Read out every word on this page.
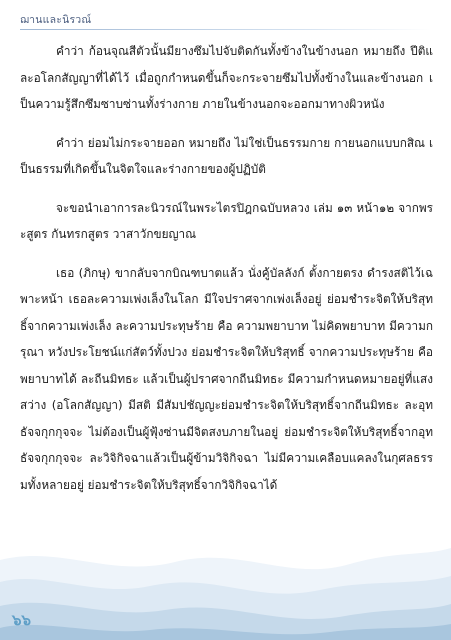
ฌานและนิรวณ์

คำว่า ก้อนจุณสีตัวนั้นมียางซึมไปจับติดกันทั้งข้างในข้างนอก หมายถึง ปีติและอโลกสัญญาที่ได้ไว้ เมื่อถูกกำหนดขึ้นก็จะกระจายซึมไปทั้งข้างในและข้างนอก เป็นความรู้สึกซึมซาบซ่านทั้งร่างกาย ภายในข้างนอกจะออกมาทางผิวหนัง

คำว่า ย่อมไม่กระจายออก หมายถึง ไม่ใช่เป็นธรรมกาย กายนอกแบบกสิณ เป็นธรรมที่เกิดขึ้นในจิตใจและร่างกายของผู้ปฏิบัติ

จะขอนำเอาการละนิวรณ์ในพระไตรปิฎกฉบับหลวง เล่ม ๑๓ หน้า๑๒ จากพระสูตร กันทรกสูตร วาสาวักขยญาณ

เธอ (ภิกษุ) ขากลับจากบิณฑบาตแล้ว นั่งคู้บัลลังก์ ตั้งกายตรง ดำรงสติไว้เฉพาะหน้า เธอละความเพ่งเล็งในโลก มีใจปราศจากเพ่งเล็งอยู่ ย่อมชำระจิตให้บริสุทธิ์จากความเพ่งเล็ง ละความประทุษร้าย คือ ความพยาบาท ไม่คิดพยาบาท มีความกรุณา หวังประโยชน์แก่สัตว์ทั้งปวง ย่อมชำระจิตให้บริสุทธิ์ จากความประทุษร้าย คือ พยาบาทได้ ละถีนมิทธะ แล้วเป็นผู้ปราศจากถีนมิทธะ มีความกำหนดหมายอยู่ที่แสงสว่าง (อโลกสัญญา) มีสติ มีสัมปชัญญะย่อมชำระจิตให้บริสุทธิ์จากถีนมิทธะ ละอุทธัจจกุกกุจจะ ไม่ต้องเป็นผู้ฟุ้งซ่านมีจิตสงบภายในอยู่ ย่อมชำระจิตให้บริสุทธิ์จากอุทธัจจกุกกุจจะ ละวิจิกิจฉาแล้วเป็นผู้ข้ามวิจิกิจฉา ไม่มีความเคลือบแคลงในกุศลธรรมทั้งหลายอยู่ ย่อมชำระจิตให้บริสุทธิ์จากวิจิกิจฉาได้

๖๖
